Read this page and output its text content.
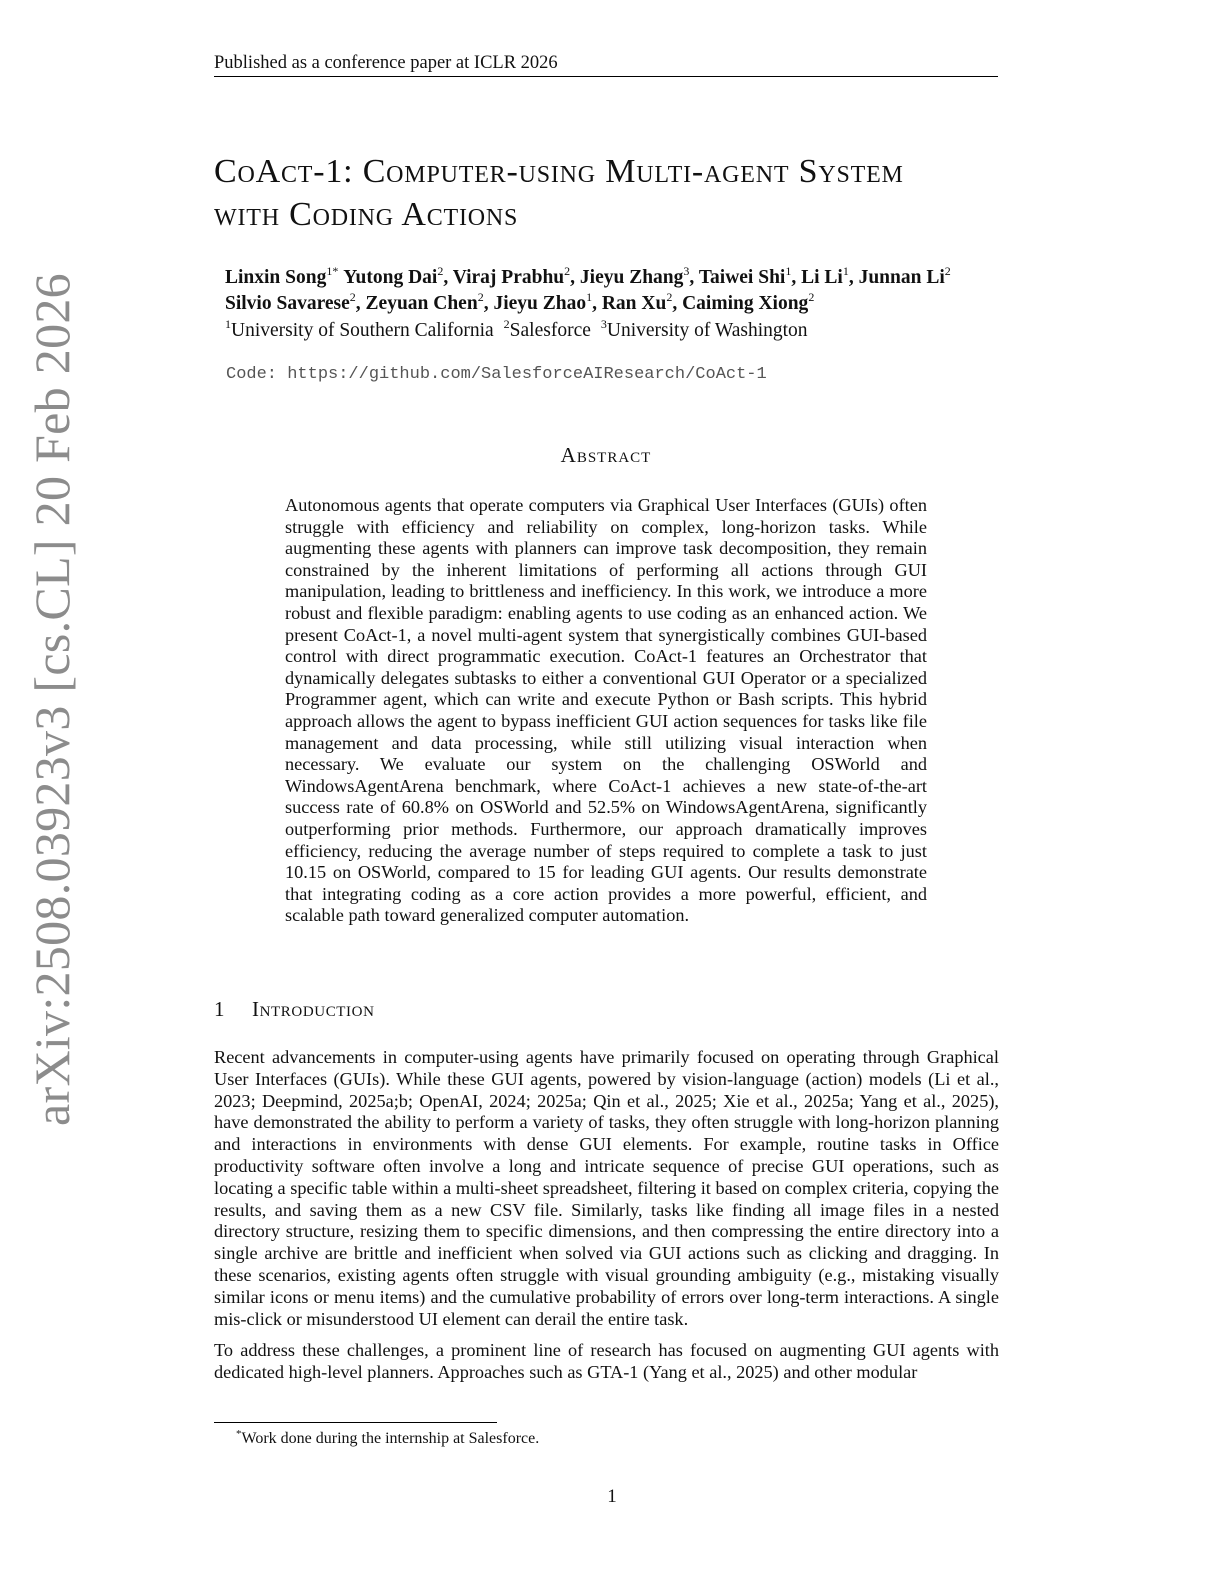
Published as a conference paper at ICLR 2026
arXiv:2508.03923v3 [cs.CL] 20 Feb 2026
CoAct-1: Computer-using Multi-agent System
with Coding Actions
Linxin Song$^{1*}$ Yutong Dai$^2$, Viraj Prabhu$^2$, Jieyu Zhang$^3$, Taiwei Shi$^1$, Li Li$^1$, Junnan Li$^2$
Silvio Savarese$^2$, Zeyuan Chen$^2$, Jieyu Zhao$^1$, Ran Xu$^2$, Caiming Xiong$^2$
$^1$University of Southern California $^2$Salesforce $^3$University of Washington
Code: https://github.com/SalesforceAIResearch/CoAct-1
Abstract

Autonomous agents that operate computers via Graphical User Interfaces (GUIs) often struggle with efficiency and reliability on complex, long-horizon tasks. While augmenting these agents with planners can improve task decomposition, they remain constrained by the inherent limitations of performing all actions through GUI manipulation, leading to brittleness and inefficiency. In this work, we introduce a more robust and flexible paradigm: enabling agents to use coding as an enhanced action. We present CoAct-1, a novel multi-agent system that synergistically combines GUI-based control with direct programmatic execution. CoAct-1 features an Orchestrator that dynamically delegates subtasks to either a conventional GUI Operator or a specialized Programmer agent, which can write and execute Python or Bash scripts. This hybrid approach allows the agent to bypass inefficient GUI action sequences for tasks like file management and data processing, while still utilizing visual interaction when necessary. We evaluate our system on the challenging OSWorld and WindowsAgentArena benchmark, where CoAct-1 achieves a new state-of-the-art success rate of 60.8% on OSWorld and 52.5% on WindowsAgentArena, significantly outperforming prior methods. Furthermore, our approach dramatically improves efficiency, reducing the average number of steps required to complete a task to just 10.15 on OSWorld, compared to 15 for leading GUI agents. Our results demonstrate that integrating coding as a core action provides a more powerful, efficient, and scalable path toward generalized computer automation.

1 Introduction

Recent advancements in computer-using agents have primarily focused on operating through Graphical User Interfaces (GUIs). While these GUI agents, powered by vision-language (action) models (Li et al., 2023; Deepmind, 2025a;b; OpenAI, 2024; 2025a; Qin et al., 2025; Xie et al., 2025a; Yang et al., 2025), have demonstrated the ability to perform a variety of tasks, they often struggle with long-horizon planning and interactions in environments with dense GUI elements. For example, routine tasks in Office productivity software often involve a long and intricate sequence of precise GUI operations, such as locating a specific table within a multi-sheet spreadsheet, filtering it based on complex criteria, copying the results, and saving them as a new CSV file. Similarly, tasks like finding all image files in a nested directory structure, resizing them to specific dimensions, and then compressing the entire directory into a single archive are brittle and inefficient when solved via GUI actions such as clicking and dragging. In these scenarios, existing agents often struggle with visual grounding ambiguity (e.g., mistaking visually similar icons or menu items) and the cumulative probability of errors over long-term interactions. A single mis-click or misunderstood UI element can derail the entire task.

To address these challenges, a prominent line of research has focused on augmenting GUI agents with dedicated high-level planners. Approaches such as GTA-1 (Yang et al., 2025) and other modular

*Work done during the internship at Salesforce.
1
